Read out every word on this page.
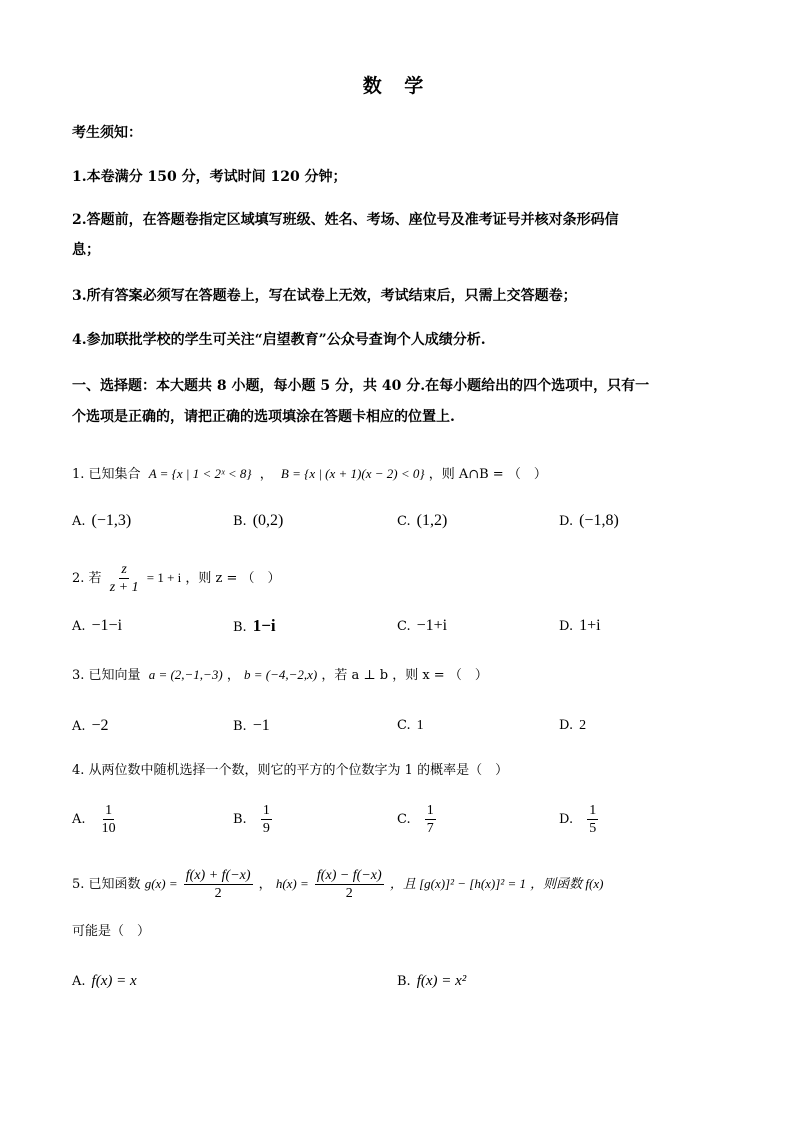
数 学
考生须知：
1.本卷满分 150 分，考试时间 120 分钟；
2.答题前，在答题卷指定区域填写班级、姓名、考场、座位号及准考证号并核对条形码信
息；
3.所有答案必须写在答题卷上，写在试卷上无效，考试结束后，只需上交答题卷；
4.参加联批学校的学生可关注“启望教育”公众号查询个人成绩分析.
一、选择题：本大题共 8 小题，每小题 5 分，共 40 分.在每小题给出的四个选项中，只有一
个选项是正确的，请把正确的选项填涂在答题卡相应的位置上.
1. 已知集合 A = {x | 1 < 2ˣ < 8} ， B = {x | (x + 1)(x − 2) < 0} ，则 A∩B = （　）
A. (−1,3)	B. (0,2)	C. (1,2)	D. (−1,8)
2. 若 $\frac{z}{z + 1} = 1 + i$ ，则 z = （　）
A. −1−i	B. 1−i	C. −1+i	D. 1+i
3. 已知向量 a = (2,−1,−3) ， b = (−4,−2,x) ，若 a ⊥ b ，则 x = （　）
A. −2	B. −1	C. 1	D. 2
4. 从两位数中随机选择一个数，则它的平方的个位数字为 1 的概率是（　）
A. $\frac{1}{10}$	B. $\frac{1}{9}$	C. $\frac{1}{7}$	D. $\frac{1}{5}$
5. 已知函数 $g(x) = \frac{f(x) + f(-x)}{2}$ ， $h(x) = \frac{f(x) - f(-x)}{2}$ ，且 [g(x)]² − [h(x)]² = 1 ，则函数 f(x)
可能是（　）
A. f(x) = x	B. f(x) = x²
